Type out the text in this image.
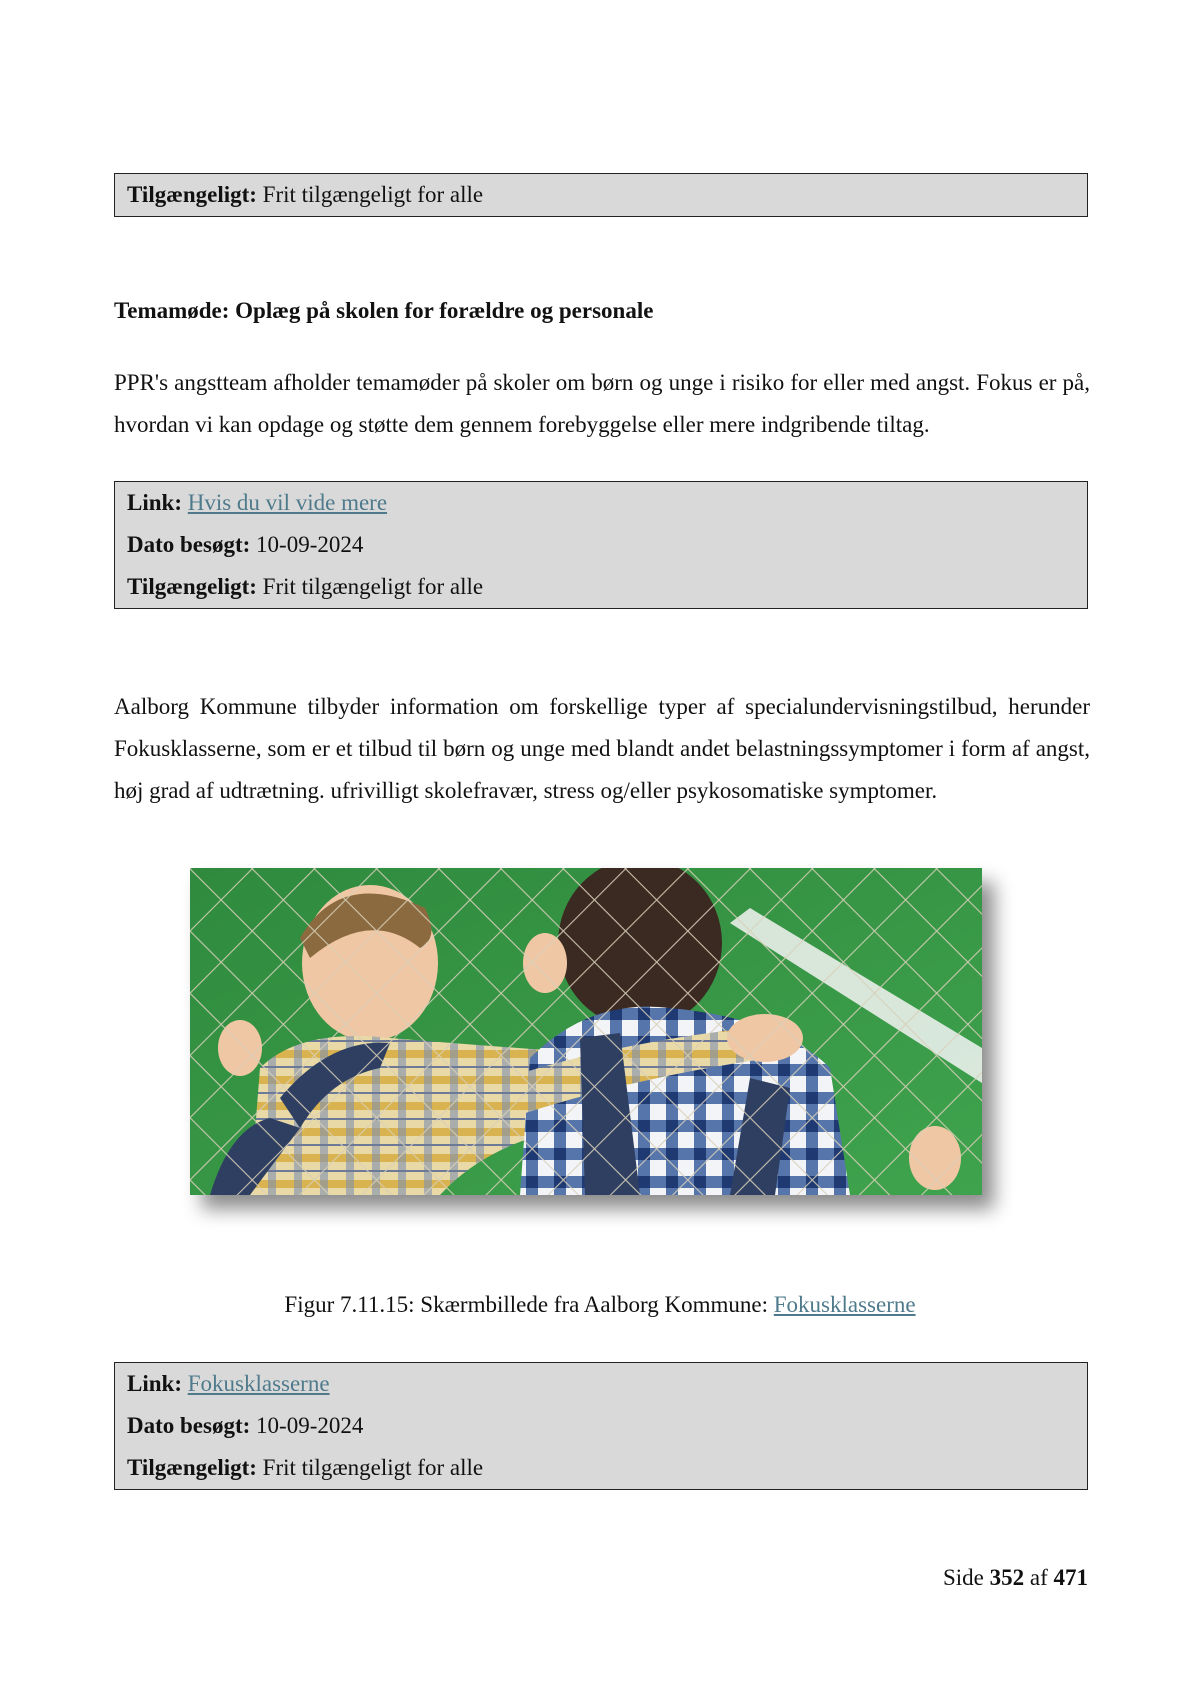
Tilgængeligt: Frit tilgængeligt for alle
Temamøde: Oplæg på skolen for forældre og personale

PPR's angstteam afholder temamøder på skoler om børn og unge i risiko for eller med angst. Fokus er på, hvordan vi kan opdage og støtte dem gennem forebyggelse eller mere indgribende tiltag.

Link: Hvis du vil vide mere
Dato besøgt: 10-09-2024
Tilgængeligt: Frit tilgængeligt for alle

Aalborg Kommune tilbyder information om forskellige typer af specialundervisningstilbud, herunder Fokusklasserne, som er et tilbud til børn og unge med blandt andet belastningssymptomer i form af angst, høj grad af udtrætning. ufrivilligt skolefravær, stress og/eller psykosomatiske symptomer.

Figur 7.11.15: Skærmbillede fra Aalborg Kommune: Fokusklasserne
Link: Fokusklasserne
Dato besøgt: 10-09-2024
Tilgængeligt: Frit tilgængeligt for alle
Side 352 af 471
